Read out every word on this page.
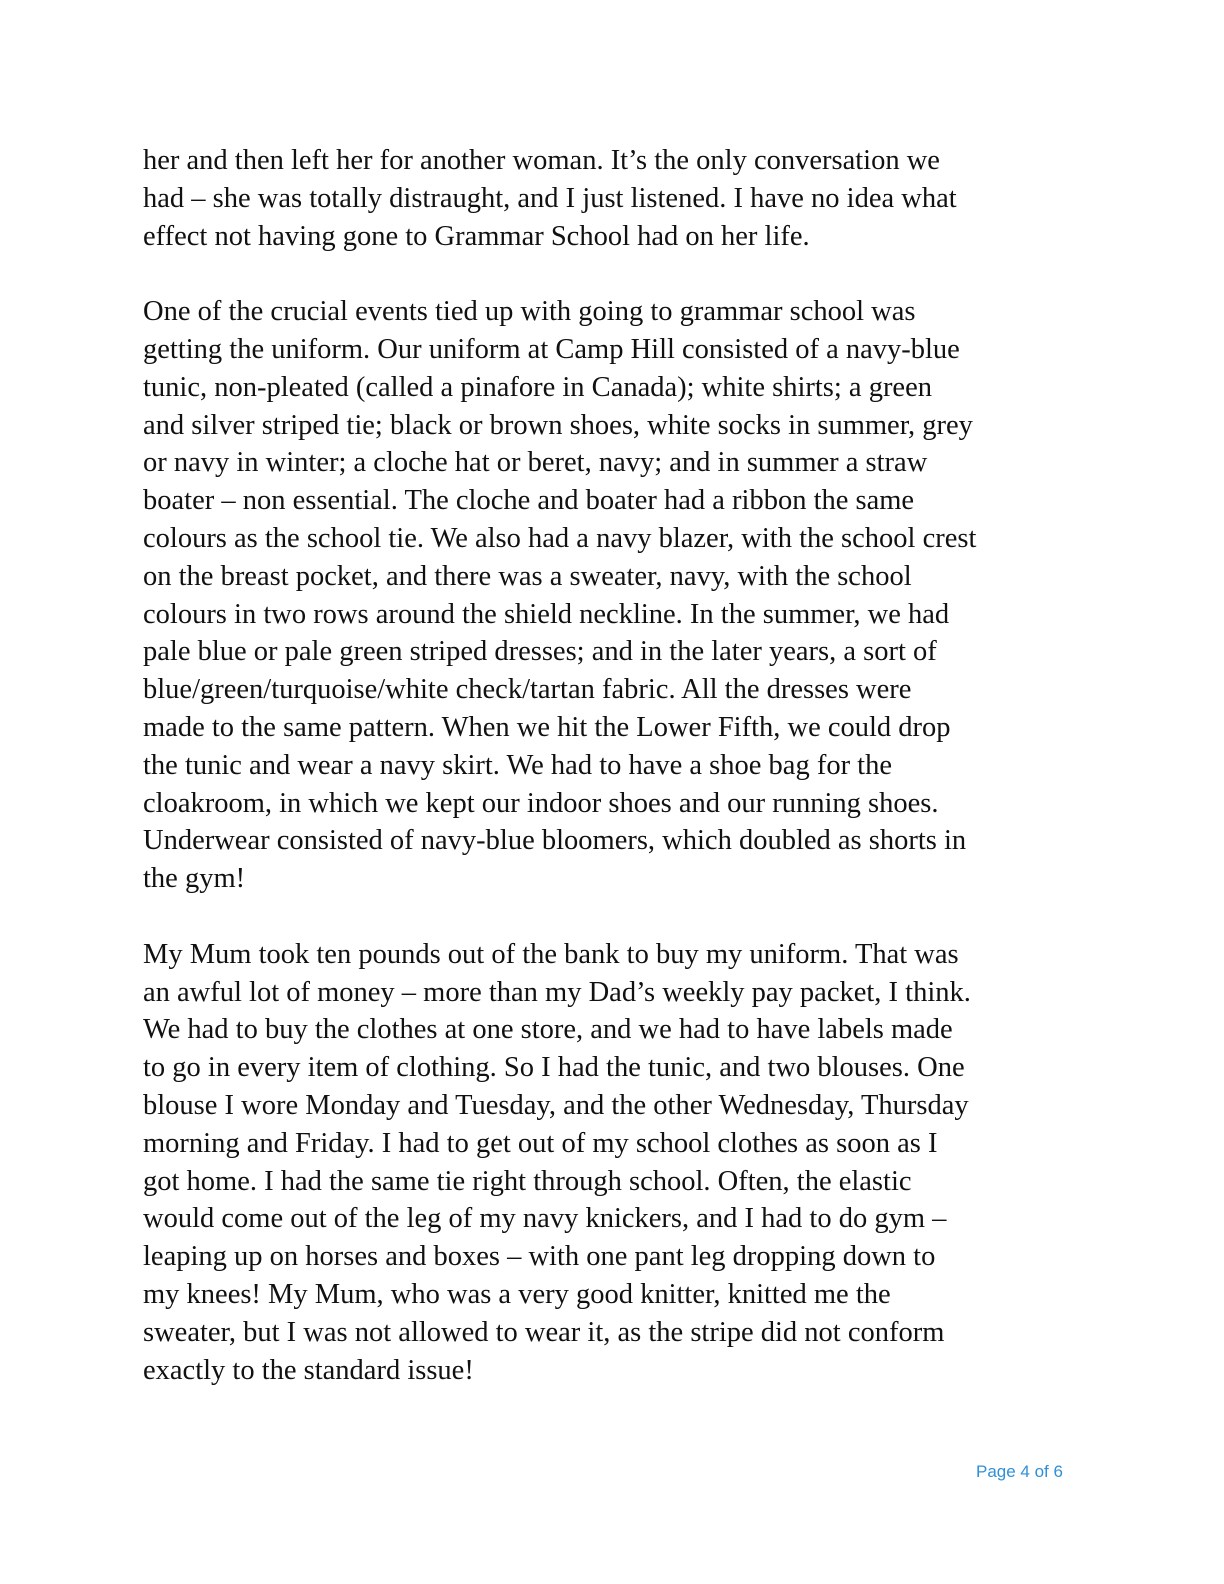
her and then left her for another woman. It’s the only conversation we
had – she was totally distraught, and I just listened. I have no idea what
effect not having gone to Grammar School had on her life.

One of the crucial events tied up with going to grammar school was
getting the uniform. Our uniform at Camp Hill consisted of a navy-blue
tunic, non-pleated (called a pinafore in Canada); white shirts; a green
and silver striped tie; black or brown shoes, white socks in summer, grey
or navy in winter; a cloche hat or beret, navy; and in summer a straw
boater – non essential. The cloche and boater had a ribbon the same
colours as the school tie. We also had a navy blazer, with the school crest
on the breast pocket, and there was a sweater, navy, with the school
colours in two rows around the shield neckline. In the summer, we had
pale blue or pale green striped dresses; and in the later years, a sort of
blue/green/turquoise/white check/tartan fabric. All the dresses were
made to the same pattern. When we hit the Lower Fifth, we could drop
the tunic and wear a navy skirt. We had to have a shoe bag for the
cloakroom, in which we kept our indoor shoes and our running shoes.
Underwear consisted of navy-blue bloomers, which doubled as shorts in
the gym!

My Mum took ten pounds out of the bank to buy my uniform. That was
an awful lot of money – more than my Dad’s weekly pay packet, I think.
We had to buy the clothes at one store, and we had to have labels made
to go in every item of clothing. So I had the tunic, and two blouses. One
blouse I wore Monday and Tuesday, and the other Wednesday, Thursday
morning and Friday. I had to get out of my school clothes as soon as I
got home. I had the same tie right through school. Often, the elastic
would come out of the leg of my navy knickers, and I had to do gym –
leaping up on horses and boxes – with one pant leg dropping down to
my knees! My Mum, who was a very good knitter, knitted me the
sweater, but I was not allowed to wear it, as the stripe did not conform
exactly to the standard issue!

Page 4 of 6
